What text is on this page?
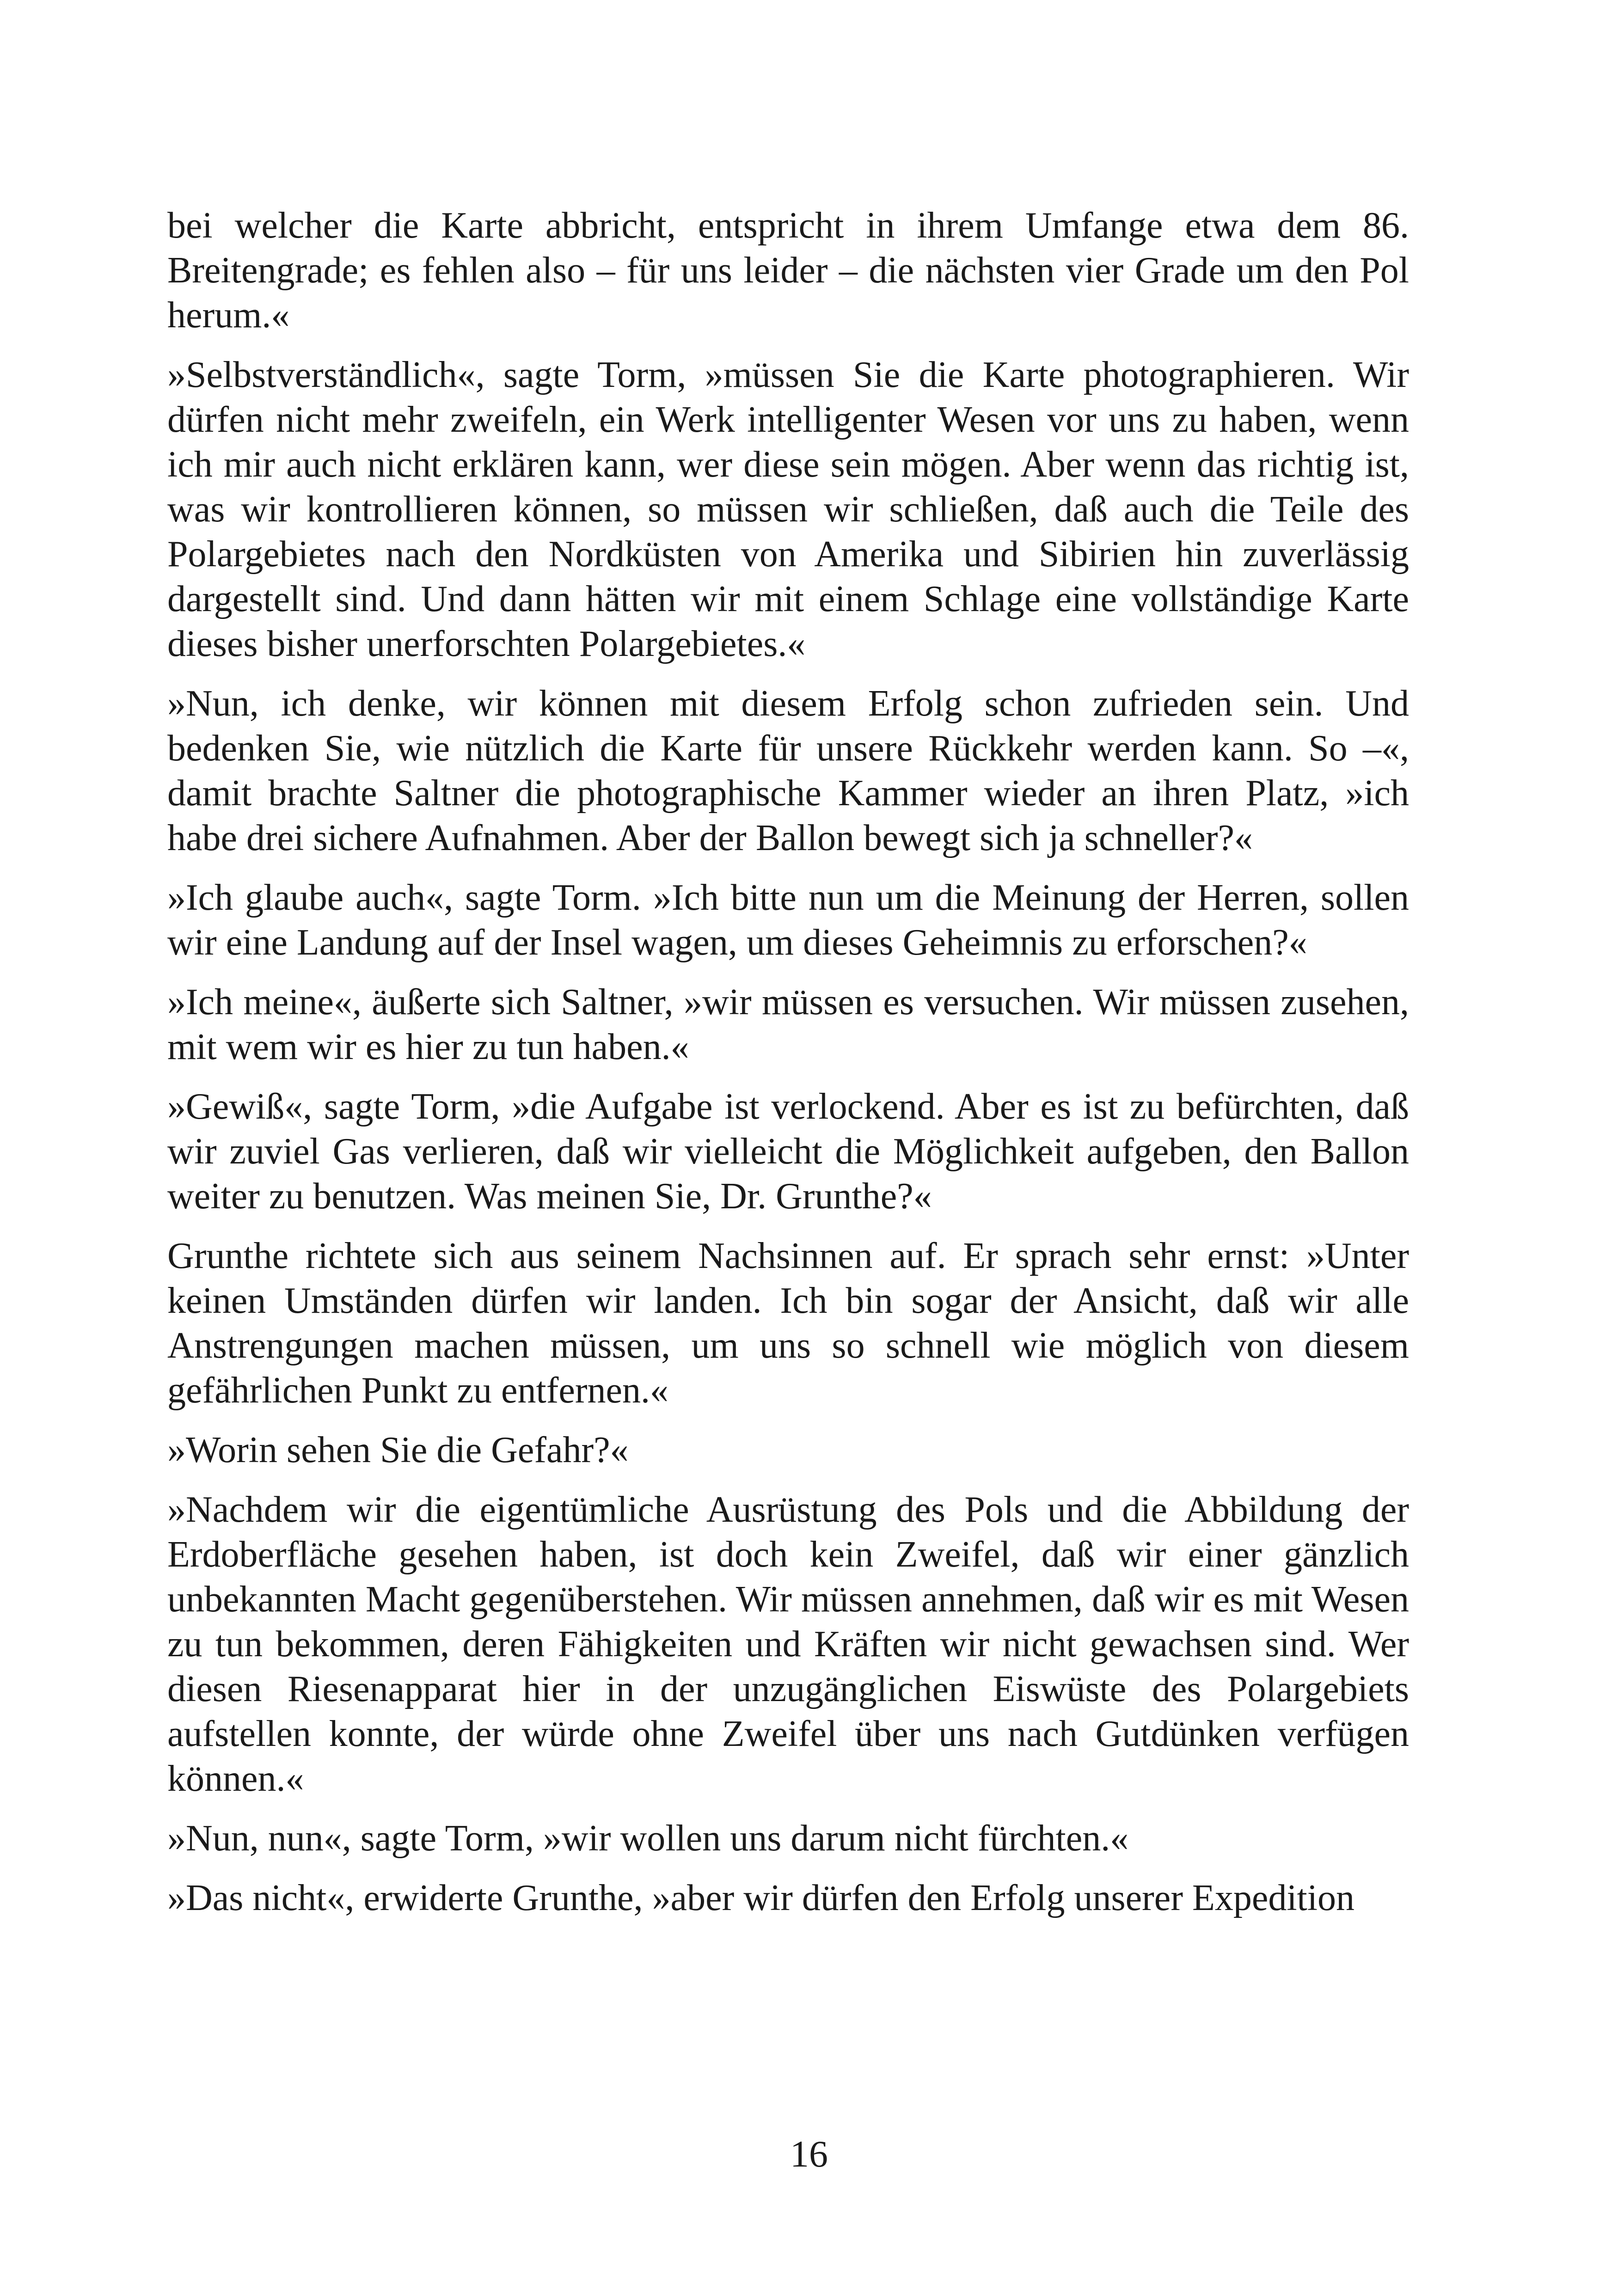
bei welcher die Karte abbricht, entspricht in ihrem Umfange etwa dem 86. Breitengrade; es fehlen also – für uns leider – die nächsten vier Grade um den Pol herum.«

»Selbstverständlich«, sagte Torm, »müssen Sie die Karte photographieren. Wir dürfen nicht mehr zweifeln, ein Werk intelligenter Wesen vor uns zu haben, wenn ich mir auch nicht erklären kann, wer diese sein mögen. Aber wenn das richtig ist, was wir kontrollieren können, so müssen wir schließen, daß auch die Teile des Polargebietes nach den Nordküsten von Amerika und Sibirien hin zuverlässig dargestellt sind. Und dann hätten wir mit einem Schlage eine vollständige Karte dieses bisher unerforschten Polargebietes.«

»Nun, ich denke, wir können mit diesem Erfolg schon zufrieden sein. Und bedenken Sie, wie nützlich die Karte für unsere Rückkehr werden kann. So –«, damit brachte Saltner die photographische Kammer wieder an ihren Platz, »ich habe drei sichere Aufnahmen. Aber der Ballon bewegt sich ja schneller?«

»Ich glaube auch«, sagte Torm. »Ich bitte nun um die Meinung der Herren, sollen wir eine Landung auf der Insel wagen, um dieses Geheimnis zu erforschen?«

»Ich meine«, äußerte sich Saltner, »wir müssen es versuchen. Wir müssen zusehen, mit wem wir es hier zu tun haben.«

»Gewiß«, sagte Torm, »die Aufgabe ist verlockend. Aber es ist zu befürchten, daß wir zuviel Gas verlieren, daß wir vielleicht die Möglichkeit aufgeben, den Ballon weiter zu benutzen. Was meinen Sie, Dr. Grunthe?«

Grunthe richtete sich aus seinem Nachsinnen auf. Er sprach sehr ernst: »Unter keinen Umständen dürfen wir landen. Ich bin sogar der Ansicht, daß wir alle Anstrengungen machen müssen, um uns so schnell wie möglich von diesem gefährlichen Punkt zu entfernen.«

»Worin sehen Sie die Gefahr?«

»Nachdem wir die eigentümliche Ausrüstung des Pols und die Abbildung der Erdoberfläche gesehen haben, ist doch kein Zweifel, daß wir einer gänzlich unbekannten Macht gegenüberstehen. Wir müssen annehmen, daß wir es mit Wesen zu tun bekommen, deren Fähigkeiten und Kräften wir nicht gewachsen sind. Wer diesen Riesenapparat hier in der unzugänglichen Eiswüste des Polargebiets aufstellen konnte, der würde ohne Zweifel über uns nach Gutdünken verfügen können.«

»Nun, nun«, sagte Torm, »wir wollen uns darum nicht fürchten.«

»Das nicht«, erwiderte Grunthe, »aber wir dürfen den Erfolg unserer Expedition

16
